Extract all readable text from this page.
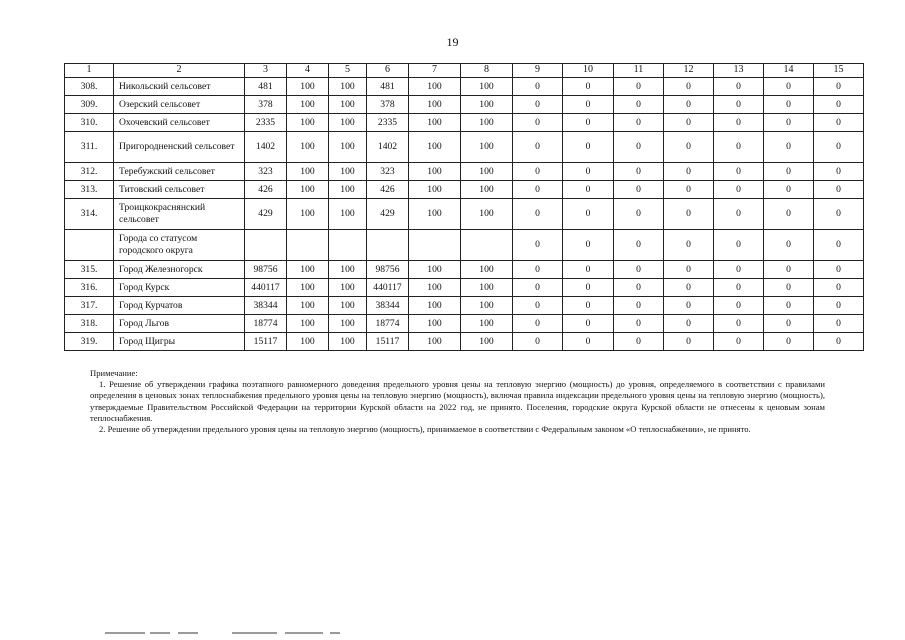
19
1	2	3	4	5	6	7	8	9	10	11	12	13	14	15
308.	Никольский сельсовет	481	100	100	481	100	100	0	0	0	0	0	0	0
309.	Озерский сельсовет	378	100	100	378	100	100	0	0	0	0	0	0	0
310.	Охочевский сельсовет	2335	100	100	2335	100	100	0	0	0	0	0	0	0
311.	Пригородненский сельсовет	1402	100	100	1402	100	100	0	0	0	0	0	0	0
312.	Теребужский сельсовет	323	100	100	323	100	100	0	0	0	0	0	0	0
313.	Титовский сельсовет	426	100	100	426	100	100	0	0	0	0	0	0	0
314.	Троицкокраснянский сельсовет	429	100	100	429	100	100	0	0	0	0	0	0	0
	Города со статусом городского округа							0	0	0	0	0	0	0
315.	Город Железногорск	98756	100	100	98756	100	100	0	0	0	0	0	0	0
316.	Город Курск	440117	100	100	440117	100	100	0	0	0	0	0	0	0
317.	Город Курчатов	38344	100	100	38344	100	100	0	0	0	0	0	0	0
318.	Город Льгов	18774	100	100	18774	100	100	0	0	0	0	0	0	0
319.	Город Щигры	15117	100	100	15117	100	100	0	0	0	0	0	0	0

Примечание:

1. Решение об утверждении графика поэтапного равномерного доведения предельного уровня цены на тепловую энергию (мощность) до уровня, определяемого в соответствии с правилами определения в ценовых зонах теплоснабжения предельного уровня цены на тепловую энергию (мощность), включая правила индексации предельного уровня цены на тепловую энергию (мощность), утверждаемые Правительством Российской Федерации на территории Курской области на 2022 год, не принято. Поселения, городские округа Курской области не отнесены к ценовым зонам теплоснабжения.

2. Решение об утверждении предельного уровня цены на тепловую энергию (мощность), принимаемое в соответствии с Федеральным законом «О теплоснабжении», не принято.
